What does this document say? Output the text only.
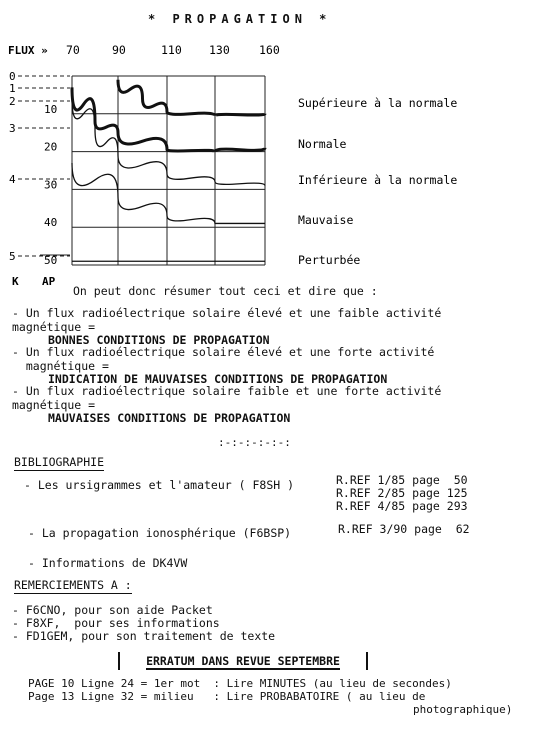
* PROPAGATION *
FLUX » 70	90	110 130	160
0
1
2
3
4
5
10
20
30
40
50
K AP
Supérieure à la normale
Normale
Inférieure à la normale
Mauvaise
Perturbée
On peut donc résumer tout ceci et dire que :
- Un flux radioélectrique solaire élevé et une faible activité
magnétique =
BONNES CONDITIONS DE PROPAGATION
- Un flux radioélectrique solaire élevé et une forte activité
magnétique =
INDICATION DE MAUVAISES CONDITIONS DE PROPAGATION
- Un flux radioélectrique solaire faible et une forte activité
magnétique =
MAUVAISES CONDITIONS DE PROPAGATION
:-:-:-:-:-:
BIBLIOGRAPHIE
- Les ursigrammes et l'amateur ( F8SH )	R.REF 1/85 page  50
R.REF 2/85 page 125
R.REF 4/85 page 293
- La propagation ionosphérique (F6BSP)	R.REF 3/90 page  62
- Informations de DK4VW
REMERCIEMENTS A :
- F6CNO, pour son aide Packet
- F8XF,  pour ses informations
- FD1GEM, pour son traitement de texte
ERRATUM DANS REVUE SEPTEMBRE
PAGE 10 Ligne 24 = 1er mot  : Lire MINUTES (au lieu de secondes)
Page 13 Ligne 32 = milieu   : Lire PROBABATOIRE ( au lieu de
photographique)
